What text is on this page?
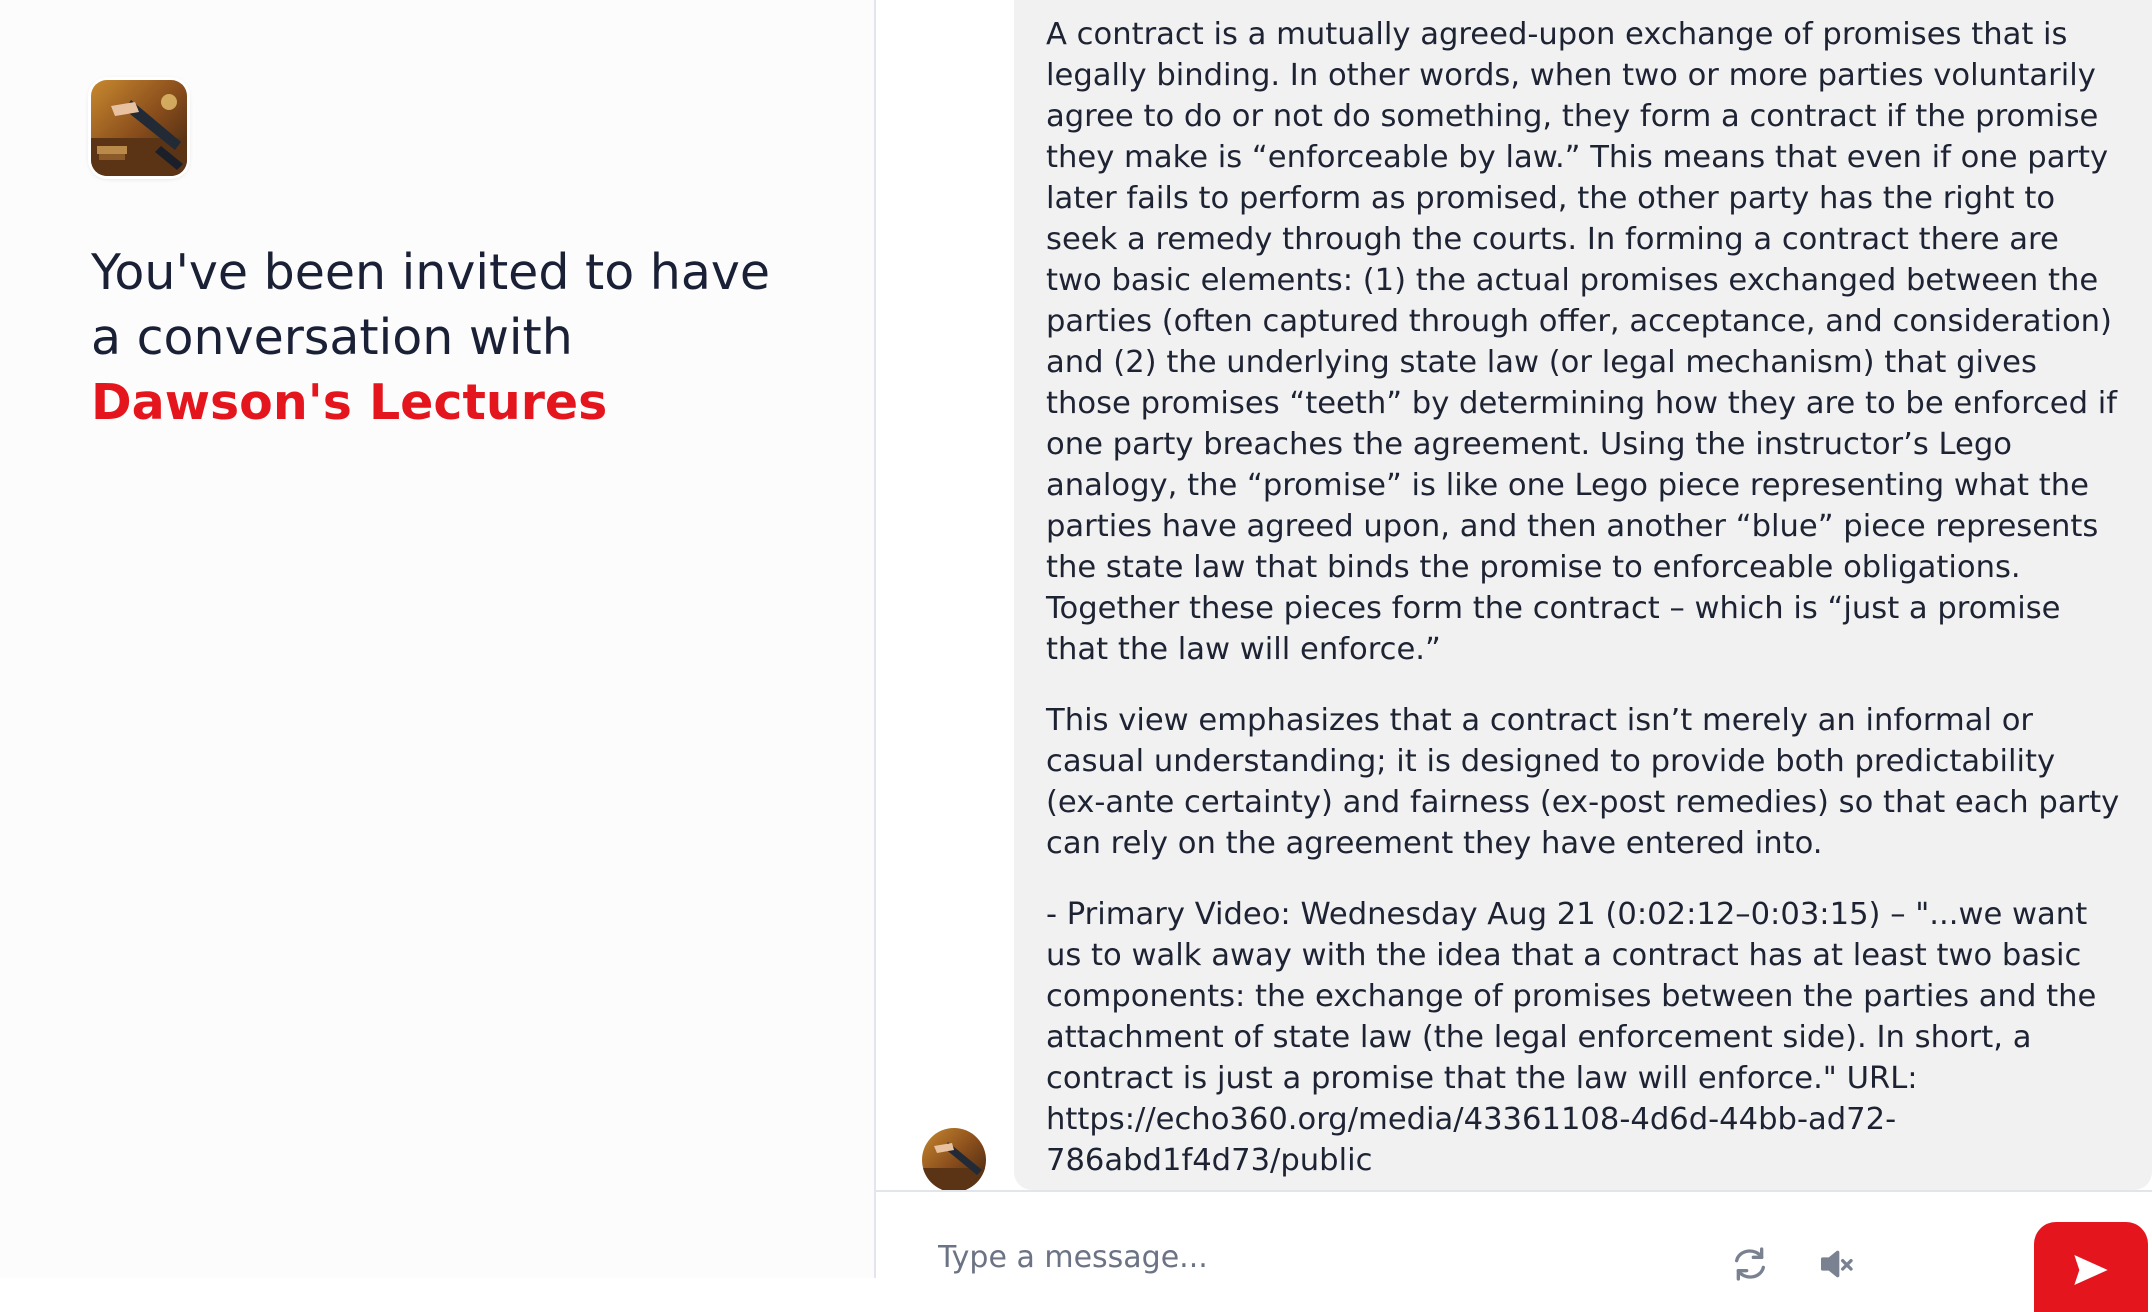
You've been invited to have a conversation with Dawson's Lectures

A contract is a mutually agreed-upon exchange of promises that is legally binding. In other words, when two or more parties voluntarily agree to do or not do something, they form a contract if the promise they make is “enforceable by law.” This means that even if one party later fails to perform as promised, the other party has the right to seek a remedy through the courts. In forming a contract there are two basic elements: (1) the actual promises exchanged between the parties (often captured through offer, acceptance, and consideration) and (2) the underlying state law (or legal mechanism) that gives those promises “teeth” by determining how they are to be enforced if one party breaches the agreement. Using the instructor’s Lego analogy, the “promise” is like one Lego piece representing what the parties have agreed upon, and then another “blue” piece represents the state law that binds the promise to enforceable obligations. Together these pieces form the contract – which is “just a promise that the law will enforce.”

This view emphasizes that a contract isn’t merely an informal or casual understanding; it is designed to provide both predictability (ex-ante certainty) and fairness (ex-post remedies) so that each party can rely on the agreement they have entered into.

- Primary Video: Wednesday Aug 21 (0:02:12–0:03:15) – "...we want us to walk away with the idea that a contract has at least two basic components: the exchange of promises between the parties and the attachment of state law (the legal enforcement side). In short, a contract is just a promise that the law will enforce." URL: https://echo360.org/media/43361108-4d6d-44bb-ad72-786abd1f4d73/public

Type a message...
